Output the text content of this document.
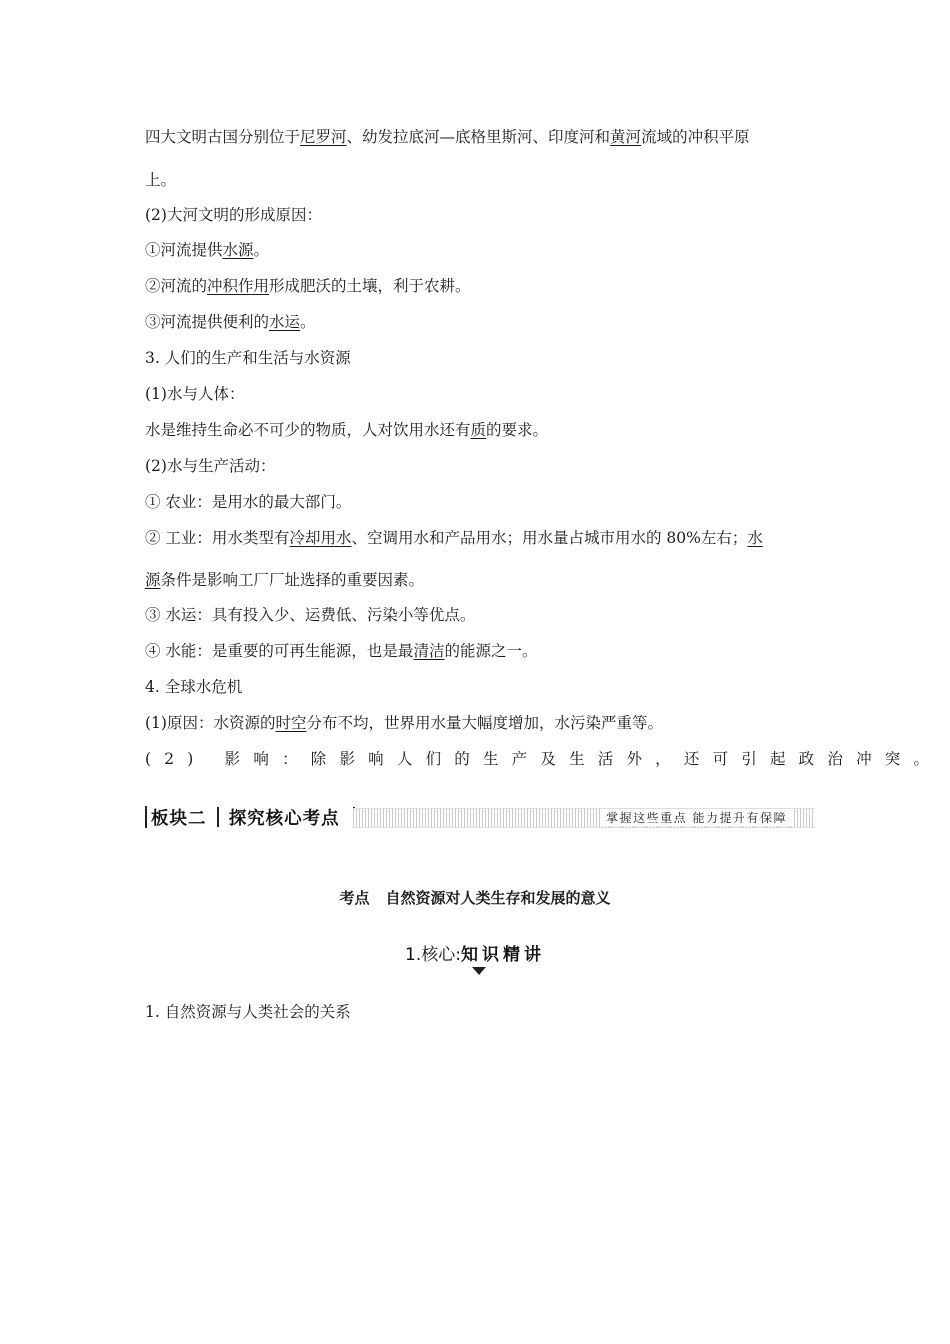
四大文明古国分别位于尼罗河、幼发拉底河—底格里斯河、印度河和黄河流域的冲积平原
上。
(2)大河文明的形成原因：
①河流提供水源。
②河流的冲积作用形成肥沃的土壤，利于农耕。
③河流提供便利的水运。
3. 人们的生产和生活与水资源
(1)水与人体：
水是维持生命必不可少的物质，人对饮用水还有质的要求。
(2)水与生产活动：
① 农业：是用水的最大部门。
② 工业：用水类型有冷却用水、空调用水和产品用水；用水量占城市用水的 80%左右；水
源条件是影响工厂厂址选择的重要因素。
③ 水运：具有投入少、运费低、污染小等优点。
④ 水能：是重要的可再生能源，也是最清洁的能源之一。
4. 全球水危机
(1)原因：水资源的时空分布不均，世界用水量大幅度增加，水污染严重等。
(2) 影响：除影响人们的生产及生活外，还可引起政治冲突。
1. 自然资源与人类社会的关系
板块二 探究核心考点	掌握这些重点 能力提升有保障
考点 自然资源对人类生存和发展的意义
1.核心:知识精讲
